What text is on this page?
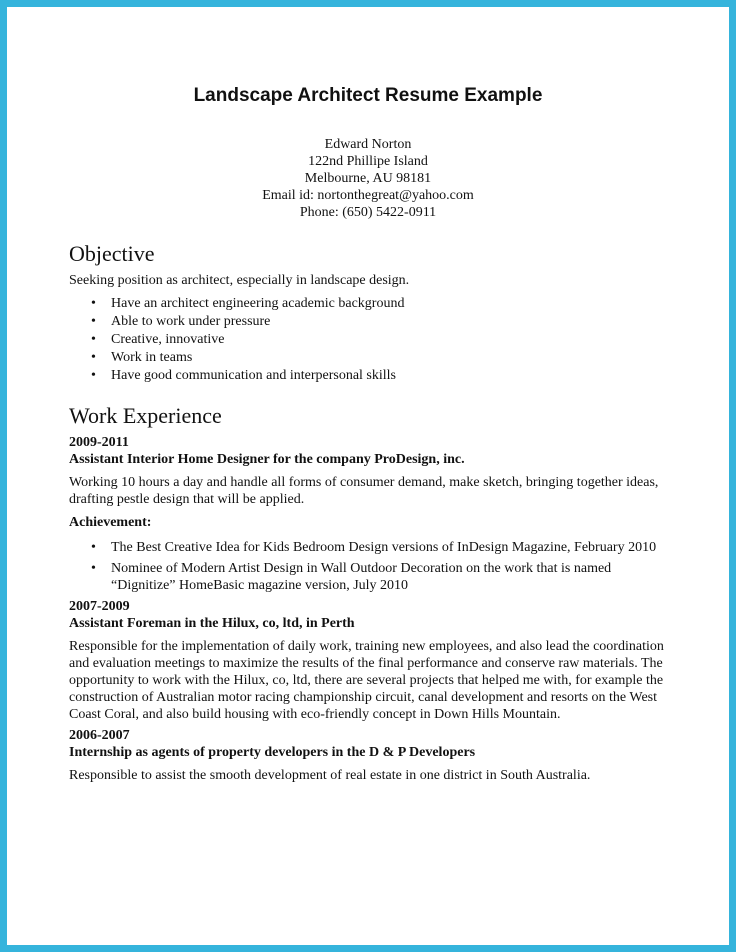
Landscape Architect Resume Example
Edward Norton
122nd Phillipe Island
Melbourne, AU 98181
Email id: nortonthegreat@yahoo.com
Phone: (650) 5422-0911
Objective

Seeking position as architect, especially in landscape design.

• Have an architect engineering academic background
• Able to work under pressure
• Creative, innovative
• Work in teams
• Have good communication and interpersonal skills
Work Experience

2009-2011

Assistant Interior Home Designer for the company ProDesign, inc.

Working 10 hours a day and handle all forms of consumer demand, make sketch, bringing together ideas, drafting pestle design that will be applied.

Achievement:

• The Best Creative Idea for Kids Bedroom Design versions of InDesign Magazine, February 2010
• Nominee of Modern Artist Design in Wall Outdoor Decoration on the work that is named “Dignitize” HomeBasic magazine version, July 2010

2007-2009

Assistant Foreman in the Hilux, co, ltd, in Perth

Responsible for the implementation of daily work, training new employees, and also lead the coordination and evaluation meetings to maximize the results of the final performance and conserve raw materials. The opportunity to work with the Hilux, co, ltd, there are several projects that helped me with, for example the construction of Australian motor racing championship circuit, canal development and resorts on the West Coast Coral, and also build housing with eco-friendly concept in Down Hills Mountain.

2006-2007

Internship as agents of property developers in the D & P Developers

Responsible to assist the smooth development of real estate in one district in South Australia.
